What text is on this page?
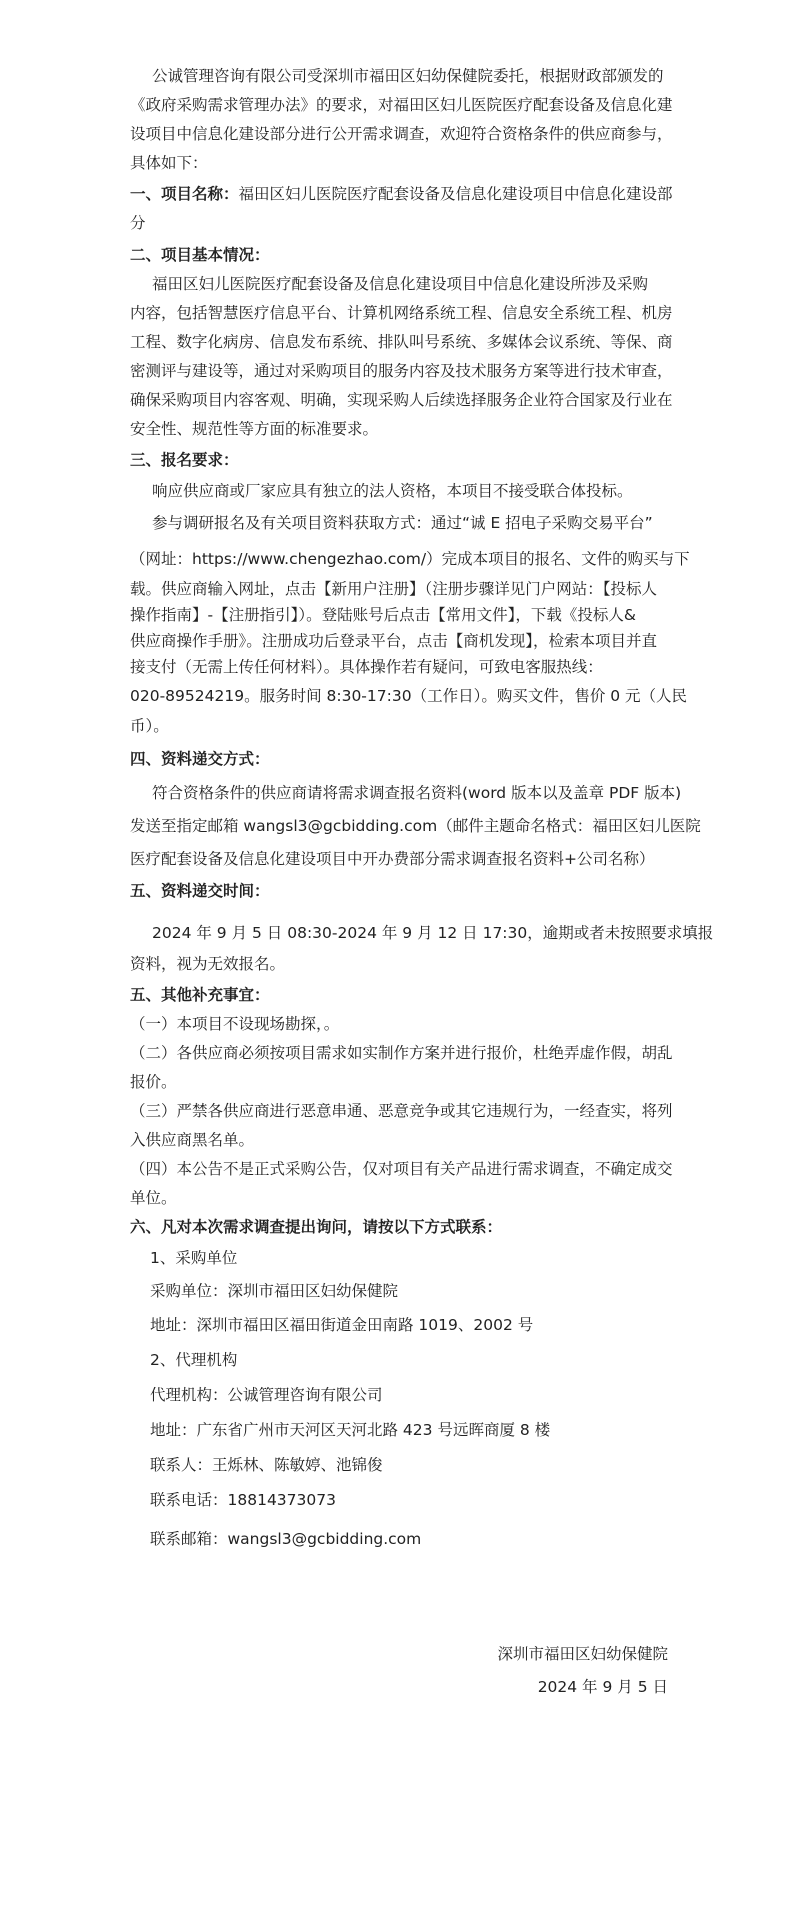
公诚管理咨询有限公司受深圳市福田区妇幼保健院委托，根据财政部颁发的
《政府采购需求管理办法》的要求，对福田区妇儿医院医疗配套设备及信息化建
设项目中信息化建设部分进行公开需求调查，欢迎符合资格条件的供应商参与，
具体如下：
一、项目名称：福田区妇儿医院医疗配套设备及信息化建设项目中信息化建设部
分
二、项目基本情况：
福田区妇儿医院医疗配套设备及信息化建设项目中信息化建设所涉及采购
内容，包括智慧医疗信息平台、计算机网络系统工程、信息安全系统工程、机房
工程、数字化病房、信息发布系统、排队叫号系统、多媒体会议系统、等保、商
密测评与建设等，通过对采购项目的服务内容及技术服务方案等进行技术审查，
确保采购项目内容客观、明确，实现采购人后续选择服务企业符合国家及行业在
安全性、规范性等方面的标准要求。
三、报名要求：
响应供应商或厂家应具有独立的法人资格，本项目不接受联合体投标。
参与调研报名及有关项目资料获取方式：通过“诚 E 招电子采购交易平台”
（网址：https://www.chengezhao.com/）完成本项目的报名、文件的购买与下
载。供应商输入网址，点击【新用户注册】（注册步骤详见门户网站：【投标人
操作指南】-【注册指引】）。登陆账号后点击【常用文件】，下载《投标人&
供应商操作手册》。注册成功后登录平台，点击【商机发现】，检索本项目并直
接支付（无需上传任何材料）。具体操作若有疑问，可致电客服热线：
020-89524219。服务时间 8:30-17:30（工作日）。购买文件，售价 0 元（人民
币）。
四、资料递交方式：
符合资格条件的供应商请将需求调查报名资料(word 版本以及盖章 PDF 版本)
发送至指定邮箱 wangsl3@gcbidding.com（邮件主题命名格式：福田区妇儿医院
医疗配套设备及信息化建设项目中开办费部分需求调查报名资料+公司名称）
五、资料递交时间：
2024 年 9 月 5 日 08:30-2024 年 9 月 12 日 17:30，逾期或者未按照要求填报
资料，视为无效报名。
五、其他补充事宜：
（一）本项目不设现场勘探，。
（二）各供应商必须按项目需求如实制作方案并进行报价，杜绝弄虚作假，胡乱
报价。
（三）严禁各供应商进行恶意串通、恶意竞争或其它违规行为，一经查实，将列
入供应商黑名单。
（四）本公告不是正式采购公告，仅对项目有关产品进行需求调查，不确定成交
单位。
六、凡对本次需求调查提出询问，请按以下方式联系：
1、采购单位
采购单位：深圳市福田区妇幼保健院
地址：深圳市福田区福田街道金田南路 1019、2002 号
2、代理机构
代理机构：公诚管理咨询有限公司
地址：广东省广州市天河区天河北路 423 号远晖商厦 8 楼
联系人：王烁林、陈敏婷、池锦俊
联系电话：18814373073
联系邮箱：wangsl3@gcbidding.com
深圳市福田区妇幼保健院
2024 年 9 月 5 日
